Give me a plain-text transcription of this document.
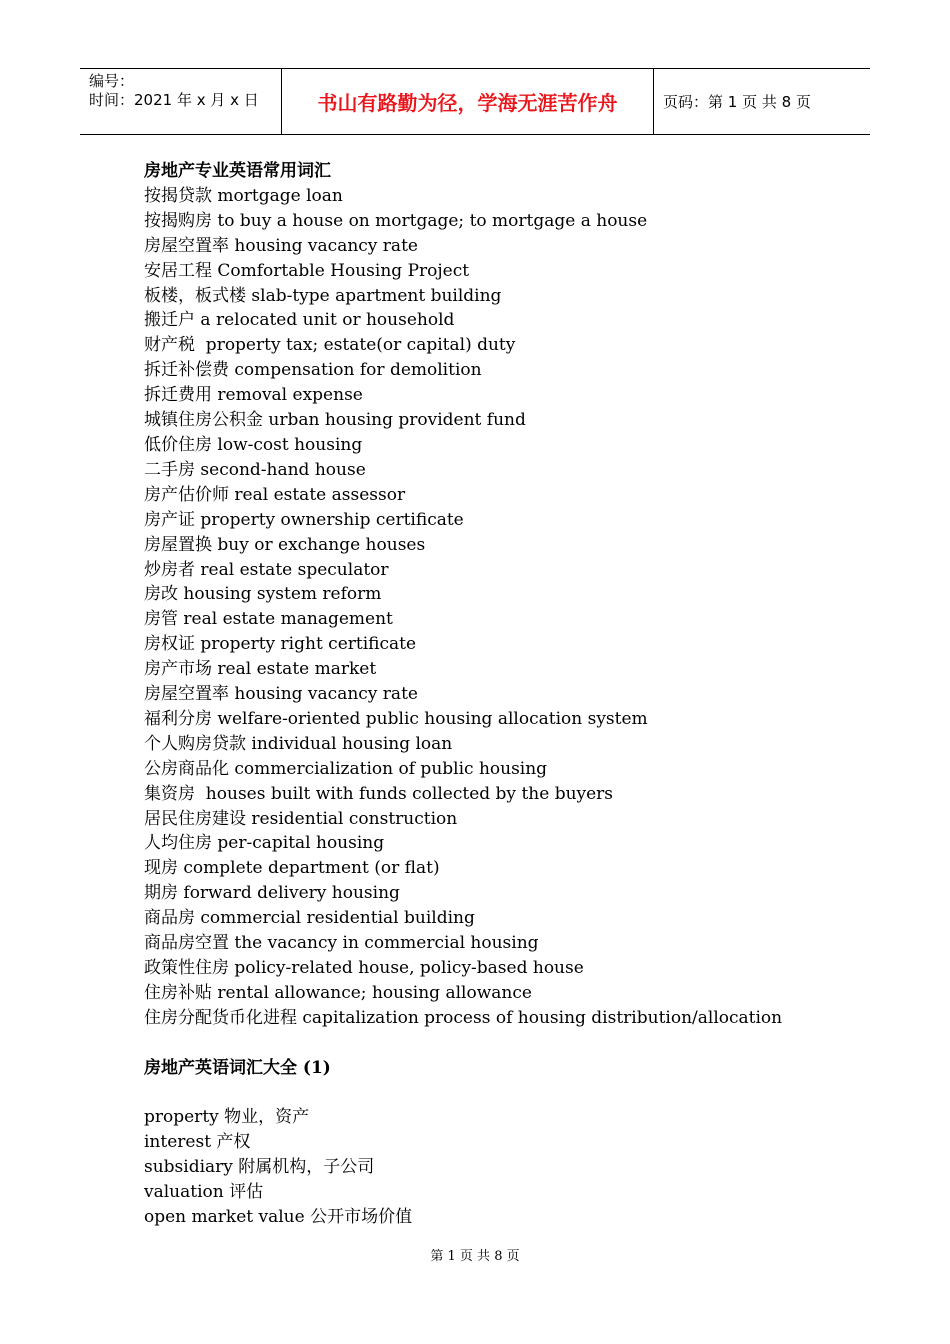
编号：
时间：2021 年 x 月 x 日	书山有路勤为径，学海无涯苦作舟	页码：第 1 页 共 8 页
房地产专业英语常用词汇
按揭贷款 mortgage loan
按揭购房 to buy a house on mortgage; to mortgage a house
房屋空置率 housing vacancy rate
安居工程 Comfortable Housing Project
板楼，板式楼 slab-type apartment building
搬迁户 a relocated unit or household
财产税  property tax; estate(or capital) duty
拆迁补偿费 compensation for demolition
拆迁费用 removal expense
城镇住房公积金 urban housing provident fund
低价住房 low-cost housing
二手房 second-hand house
房产估价师 real estate assessor
房产证 property ownership certificate
房屋置换 buy or exchange houses
炒房者 real estate speculator
房改 housing system reform
房管 real estate management
房权证 property right certificate
房产市场 real estate market
房屋空置率 housing vacancy rate
福利分房 welfare-oriented public housing allocation system
个人购房贷款 individual housing loan
公房商品化 commercialization of public housing
集资房  houses built with funds collected by the buyers
居民住房建设 residential construction
人均住房 per-capital housing
现房 complete department (or flat)
期房 forward delivery housing
商品房 commercial residential building
商品房空置 the vacancy in commercial housing
政策性住房 policy-related house, policy-based house
住房补贴 rental allowance; housing allowance
住房分配货币化进程 capitalization process of housing distribution/allocation
房地产英语词汇大全 (1)
property 物业，资产
interest 产权
subsidiary 附属机构，子公司
valuation 评估
open market value 公开市场价值
第 1 页 共 8 页
